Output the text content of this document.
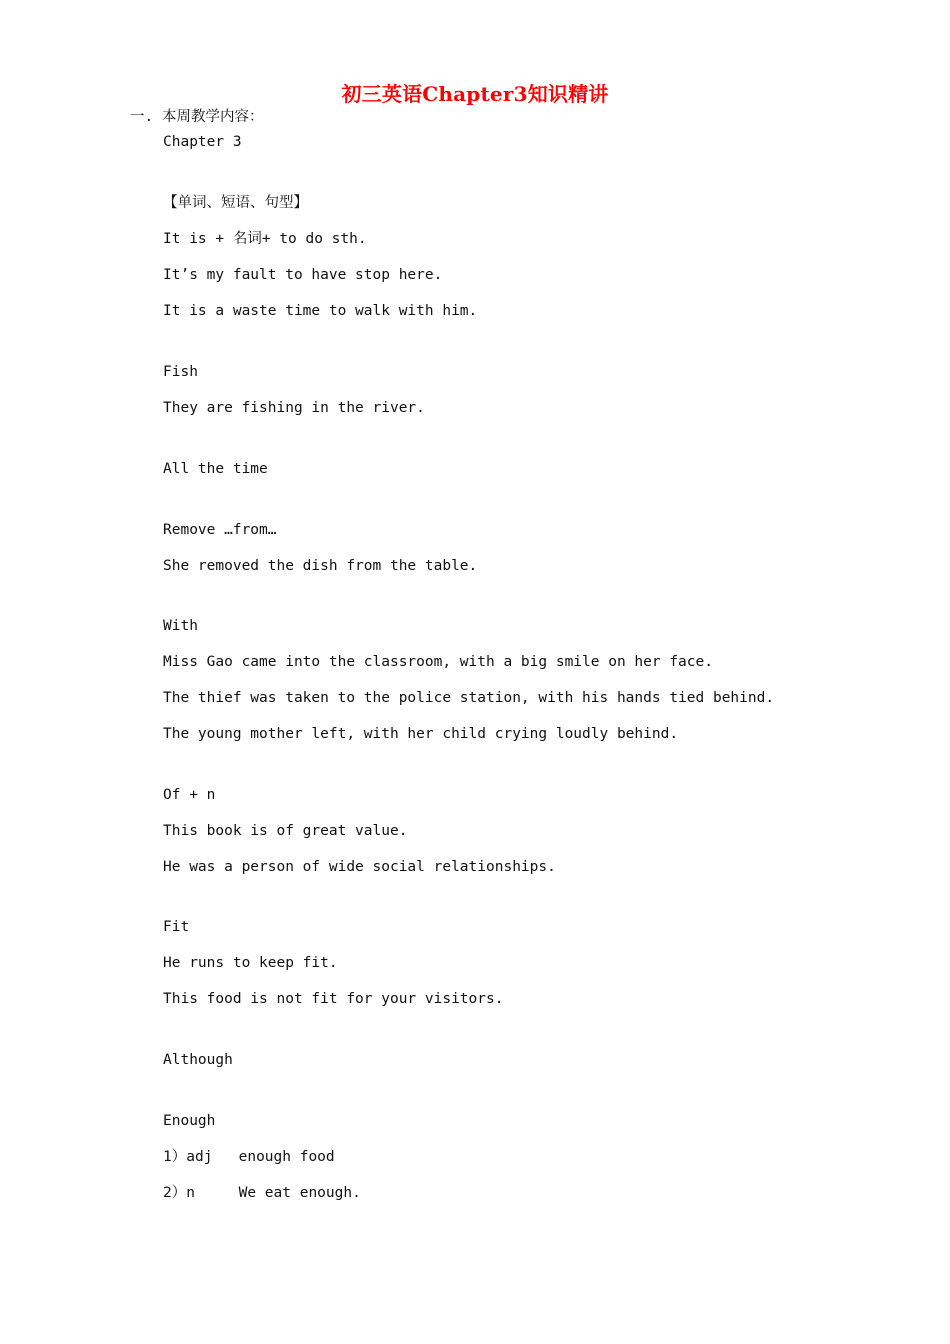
初三英语Chapter3知识精讲
一. 本周教学内容：
Chapter 3
【单词、短语、句型】
It is + 名词+ to do sth.
It’s my fault to have stop here.
It is a waste time to walk with him.
Fish
They are fishing in the river.
All the time
Remove …from…
She removed the dish from the table.
With
Miss Gao came into the classroom, with a big smile on her face.
The thief was taken to the police station, with his hands tied behind.
The young mother left, with her child crying loudly behind.
Of + n
This book is of great value.
He was a person of wide social relationships.
Fit
He runs to keep fit.
This food is not fit for your visitors.
Although
Enough
1）adj   enough food
2）n     We eat enough.
